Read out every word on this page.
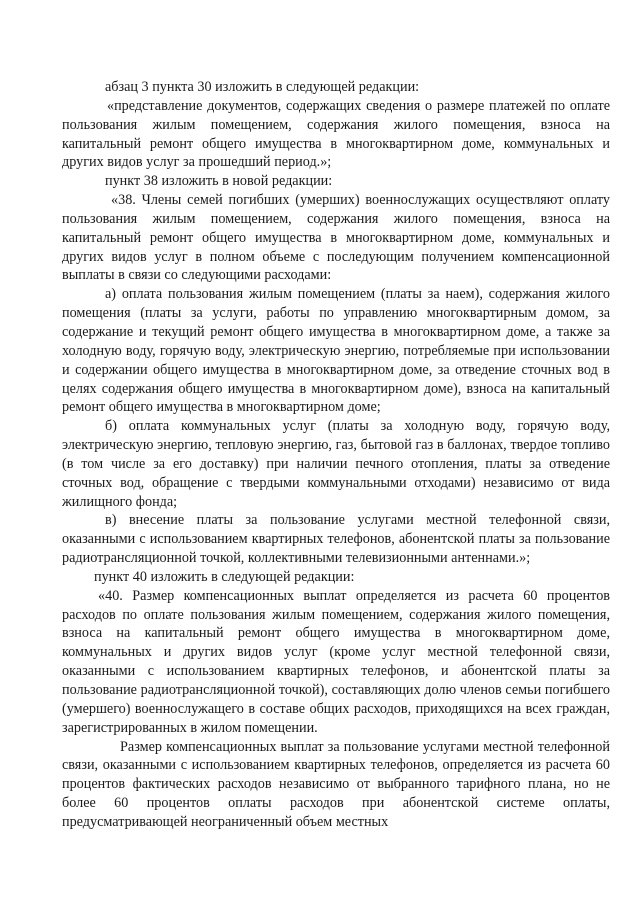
абзац 3 пункта 30 изложить в следующей редакции:

«представление документов, содержащих сведения о размере платежей по оплате пользования жилым помещением, содержания жилого помещения, взноса на капитальный ремонт общего имущества в многоквартирном доме, коммунальных и других видов услуг за прошедший период.»;

пункт 38 изложить в новой редакции:

«38. Члены семей погибших (умерших) военнослужащих осуществляют оплату пользования жилым помещением, содержания жилого помещения, взноса на капитальный ремонт общего имущества в многоквартирном доме, коммунальных и других видов услуг в полном объеме с последующим получением компенсационной выплаты в связи со следующими расходами:

а) оплата пользования жилым помещением (платы за наем), содержания жилого помещения (платы за услуги, работы по управлению многоквартирным домом, за содержание и текущий ремонт общего имущества в многоквартирном доме, а также за холодную воду, горячую воду, электрическую энергию, потребляемые при использовании и содержании общего имущества в многоквартирном доме, за отведение сточных вод в целях содержания общего имущества в многоквартирном доме), взноса на капитальный ремонт общего имущества в многоквартирном доме;

б) оплата коммунальных услуг (платы за холодную воду, горячую воду, электрическую энергию, тепловую энергию, газ, бытовой газ в баллонах, твердое топливо (в том числе за его доставку) при наличии печного отопления, платы за отведение сточных вод, обращение с твердыми коммунальными отходами) независимо от вида жилищного фонда;

в) внесение платы за пользование услугами местной телефонной связи, оказанными с использованием квартирных телефонов, абонентской платы за пользование радиотрансляционной точкой, коллективными телевизионными антеннами.»;

пункт 40 изложить в следующей редакции:

«40. Размер компенсационных выплат определяется из расчета 60 процентов расходов по оплате пользования жилым помещением, содержания жилого помещения, взноса на капитальный ремонт общего имущества в многоквартирном доме, коммунальных и других видов услуг (кроме услуг местной телефонной связи, оказанными с использованием квартирных телефонов, и абонентской платы за пользование радиотрансляционной точкой), составляющих долю членов семьи погибшего (умершего) военнослужащего в составе общих расходов, приходящихся на всех граждан, зарегистрированных в жилом помещении.

Размер компенсационных выплат за пользование услугами местной телефонной связи, оказанными с использованием квартирных телефонов, определяется из расчета 60 процентов фактических расходов независимо от выбранного тарифного плана, но не более 60 процентов оплаты расходов при абонентской системе оплаты, предусматривающей неограниченный объем местных
